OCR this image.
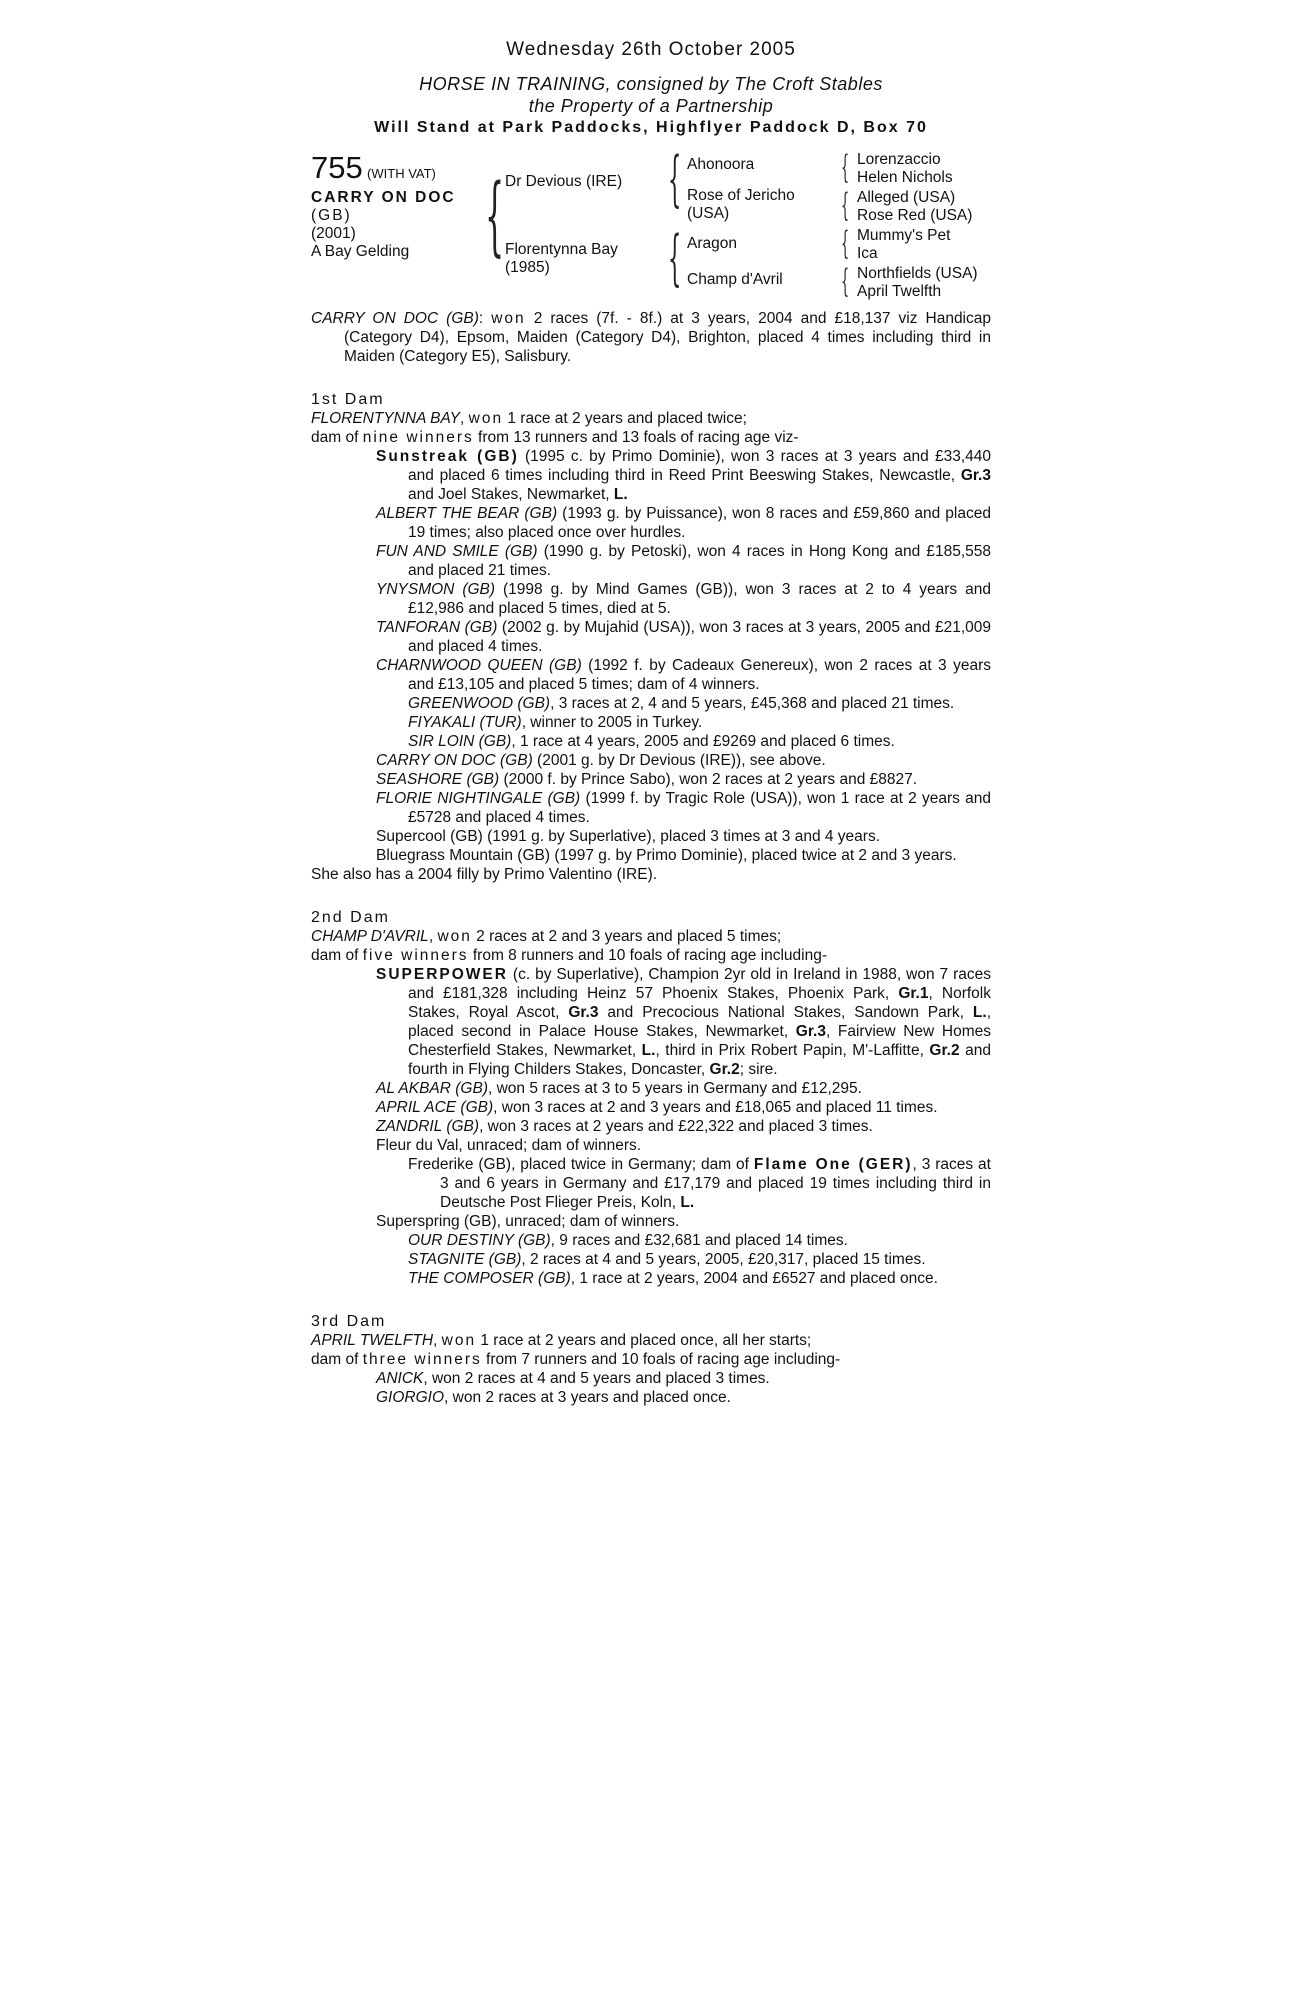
Wednesday 26th October 2005
HORSE IN TRAINING, consigned by The Croft Stables
the Property of a Partnership
Will Stand at Park Paddocks, Highflyer Paddock D, Box 70
755 (WITH VAT)
CARRY ON DOC
(GB)
(2001)
A Bay Gelding { Dr Devious (IRE)
Florentynna Bay
(1985)
{ Ahonoora
Rose of Jericho
(USA)
{ Aragon
Champ d'Avril
{ Lorenzaccio
Helen Nichols
{ Alleged (USA)
Rose Red (USA)
{ Mummy's Pet
Ica
{ Northfields (USA)
April Twelfth

CARRY ON DOC (GB): won 2 races (7f. - 8f.) at 3 years, 2004 and £18,137 viz Handicap (Category D4), Epsom, Maiden (Category D4), Brighton, placed 4 times including third in Maiden (Category E5), Salisbury.

1st Dam

FLORENTYNNA BAY, won 1 race at 2 years and placed twice;

dam of nine winners from 13 runners and 13 foals of racing age viz-

Sunstreak (GB) (1995 c. by Primo Dominie), won 3 races at 3 years and £33,440 and placed 6 times including third in Reed Print Beeswing Stakes, Newcastle, Gr.3 and Joel Stakes, Newmarket, L.

ALBERT THE BEAR (GB) (1993 g. by Puissance), won 8 races and £59,860 and placed 19 times; also placed once over hurdles.

FUN AND SMILE (GB) (1990 g. by Petoski), won 4 races in Hong Kong and £185,558 and placed 21 times.

YNYSMON (GB) (1998 g. by Mind Games (GB)), won 3 races at 2 to 4 years and £12,986 and placed 5 times, died at 5.

TANFORAN (GB) (2002 g. by Mujahid (USA)), won 3 races at 3 years, 2005 and £21,009 and placed 4 times.

CHARNWOOD QUEEN (GB) (1992 f. by Cadeaux Genereux), won 2 races at 3 years and £13,105 and placed 5 times; dam of 4 winners.

GREENWOOD (GB), 3 races at 2, 4 and 5 years, £45,368 and placed 21 times.

FIYAKALI (TUR), winner to 2005 in Turkey.

SIR LOIN (GB), 1 race at 4 years, 2005 and £9269 and placed 6 times.

CARRY ON DOC (GB) (2001 g. by Dr Devious (IRE)), see above.

SEASHORE (GB) (2000 f. by Prince Sabo), won 2 races at 2 years and £8827.

FLORIE NIGHTINGALE (GB) (1999 f. by Tragic Role (USA)), won 1 race at 2 years and £5728 and placed 4 times.

Supercool (GB) (1991 g. by Superlative), placed 3 times at 3 and 4 years.

Bluegrass Mountain (GB) (1997 g. by Primo Dominie), placed twice at 2 and 3 years.

She also has a 2004 filly by Primo Valentino (IRE).

2nd Dam

CHAMP D'AVRIL, won 2 races at 2 and 3 years and placed 5 times;

dam of five winners from 8 runners and 10 foals of racing age including-

SUPERPOWER (c. by Superlative), Champion 2yr old in Ireland in 1988, won 7 races and £181,328 including Heinz 57 Phoenix Stakes, Phoenix Park, Gr.1, Norfolk Stakes, Royal Ascot, Gr.3 and Precocious National Stakes, Sandown Park, L., placed second in Palace House Stakes, Newmarket, Gr.3, Fairview New Homes Chesterfield Stakes, Newmarket, L., third in Prix Robert Papin, M'-Laffitte, Gr.2 and fourth in Flying Childers Stakes, Doncaster, Gr.2; sire.

AL AKBAR (GB), won 5 races at 3 to 5 years in Germany and £12,295.

APRIL ACE (GB), won 3 races at 2 and 3 years and £18,065 and placed 11 times.

ZANDRIL (GB), won 3 races at 2 years and £22,322 and placed 3 times.

Fleur du Val, unraced; dam of winners.

Frederike (GB), placed twice in Germany; dam of Flame One (GER), 3 races at 3 and 6 years in Germany and £17,179 and placed 19 times including third in Deutsche Post Flieger Preis, Koln, L.

Superspring (GB), unraced; dam of winners.

OUR DESTINY (GB), 9 races and £32,681 and placed 14 times.

STAGNITE (GB), 2 races at 4 and 5 years, 2005, £20,317, placed 15 times.

THE COMPOSER (GB), 1 race at 2 years, 2004 and £6527 and placed once.

3rd Dam

APRIL TWELFTH, won 1 race at 2 years and placed once, all her starts;

dam of three winners from 7 runners and 10 foals of racing age including-

ANICK, won 2 races at 4 and 5 years and placed 3 times.

GIORGIO, won 2 races at 3 years and placed once.
